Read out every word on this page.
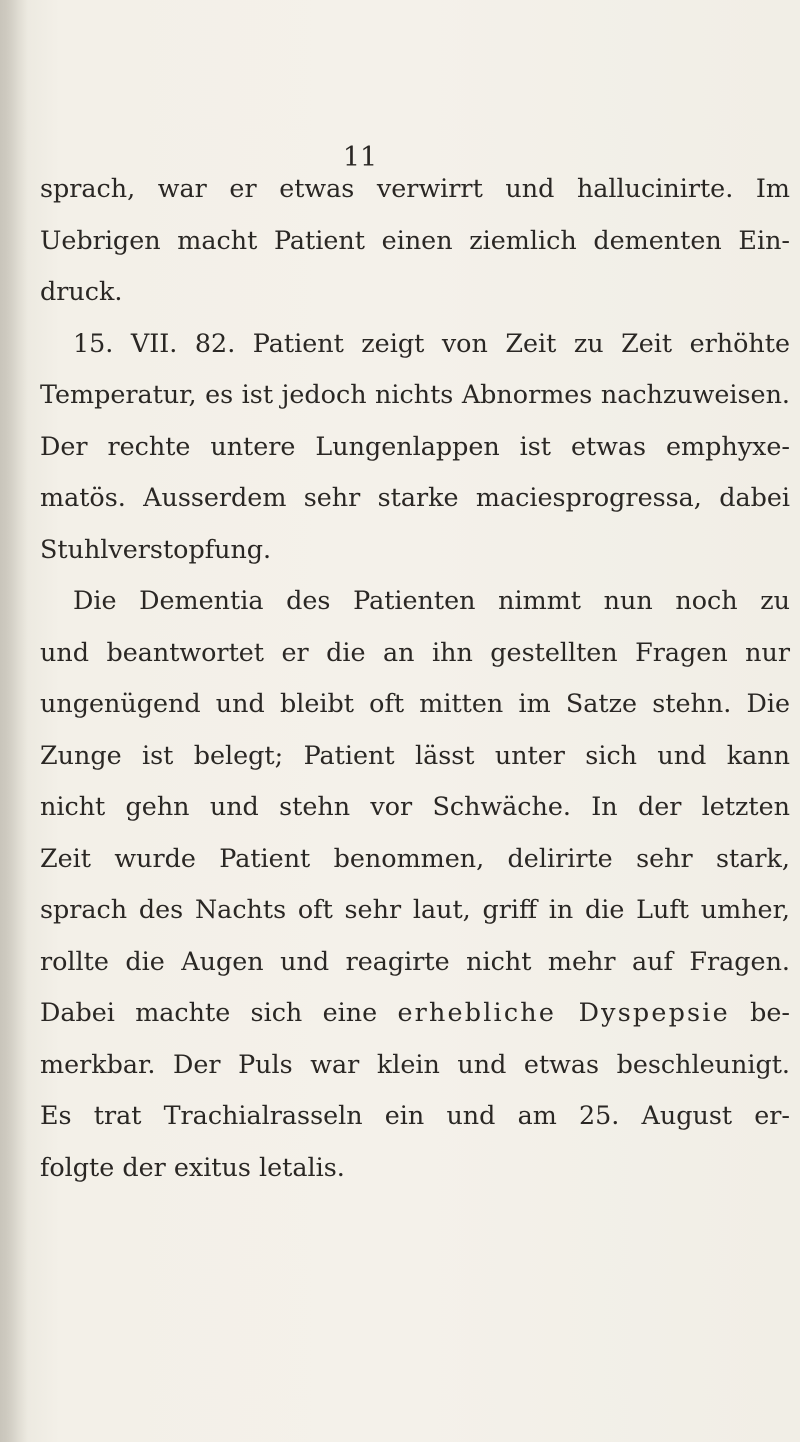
11
sprach, war er etwas verwirrt und hallucinirte. Im
Uebrigen macht Patient einen ziemlich dementen Ein-
druck.
15. VII. 82. Patient zeigt von Zeit zu Zeit erhöhte
Temperatur, es ist jedoch nichts Abnormes nachzuweisen.
Der rechte untere Lungenlappen ist etwas emphyxe-
matös. Ausserdem sehr starke maciesprogressa, dabei
Stuhlverstopfung.
Die Dementia des Patienten nimmt nun noch zu
und beantwortet er die an ihn gestellten Fragen nur
ungenügend und bleibt oft mitten im Satze stehn. Die
Zunge ist belegt; Patient lässt unter sich und kann
nicht gehn und stehn vor Schwäche. In der letzten
Zeit wurde Patient benommen, delirirte sehr stark,
sprach des Nachts oft sehr laut, griff in die Luft umher,
rollte die Augen und reagirte nicht mehr auf Fragen.
Dabei machte sich eine erhebliche Dyspepsie be-
merkbar. Der Puls war klein und etwas beschleunigt.
Es trat Trachialrasseln ein und am 25. August er-
folgte der exitus letalis.
